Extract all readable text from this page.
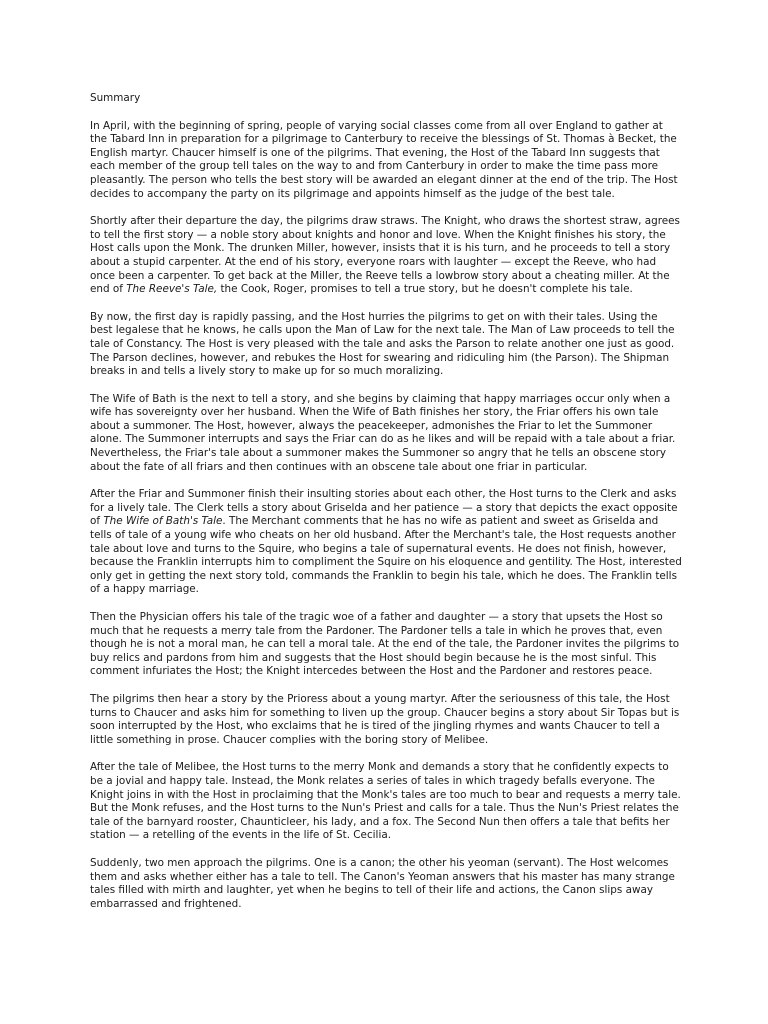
Summary

In April, with the beginning of spring, people of varying social classes come from all over England to gather at the Tabard Inn in preparation for a pilgrimage to Canterbury to receive the blessings of St. Thomas à Becket, the English martyr. Chaucer himself is one of the pilgrims. That evening, the Host of the Tabard Inn suggests that each member of the group tell tales on the way to and from Canterbury in order to make the time pass more pleasantly. The person who tells the best story will be awarded an elegant dinner at the end of the trip. The Host decides to accompany the party on its pilgrimage and appoints himself as the judge of the best tale.

Shortly after their departure the day, the pilgrims draw straws. The Knight, who draws the shortest straw, agrees to tell the first story — a noble story about knights and honor and love. When the Knight finishes his story, the Host calls upon the Monk. The drunken Miller, however, insists that it is his turn, and he proceeds to tell a story about a stupid carpenter. At the end of his story, everyone roars with laughter — except the Reeve, who had once been a carpenter. To get back at the Miller, the Reeve tells a lowbrow story about a cheating miller. At the end of The Reeve's Tale, the Cook, Roger, promises to tell a true story, but he doesn't complete his tale.

By now, the first day is rapidly passing, and the Host hurries the pilgrims to get on with their tales. Using the best legalese that he knows, he calls upon the Man of Law for the next tale. The Man of Law proceeds to tell the tale of Constancy. The Host is very pleased with the tale and asks the Parson to relate another one just as good. The Parson declines, however, and rebukes the Host for swearing and ridiculing him (the Parson). The Shipman breaks in and tells a lively story to make up for so much moralizing.

The Wife of Bath is the next to tell a story, and she begins by claiming that happy marriages occur only when a wife has sovereignty over her husband. When the Wife of Bath finishes her story, the Friar offers his own tale about a summoner. The Host, however, always the peacekeeper, admonishes the Friar to let the Summoner alone. The Summoner interrupts and says the Friar can do as he likes and will be repaid with a tale about a friar. Nevertheless, the Friar's tale about a summoner makes the Summoner so angry that he tells an obscene story about the fate of all friars and then continues with an obscene tale about one friar in particular.

After the Friar and Summoner finish their insulting stories about each other, the Host turns to the Clerk and asks for a lively tale. The Clerk tells a story about Griselda and her patience — a story that depicts the exact opposite of The Wife of Bath's Tale. The Merchant comments that he has no wife as patient and sweet as Griselda and tells of tale of a young wife who cheats on her old husband. After the Merchant's tale, the Host requests another tale about love and turns to the Squire, who begins a tale of supernatural events. He does not finish, however, because the Franklin interrupts him to compliment the Squire on his eloquence and gentility. The Host, interested only get in getting the next story told, commands the Franklin to begin his tale, which he does. The Franklin tells of a happy marriage.

Then the Physician offers his tale of the tragic woe of a father and daughter — a story that upsets the Host so much that he requests a merry tale from the Pardoner. The Pardoner tells a tale in which he proves that, even though he is not a moral man, he can tell a moral tale. At the end of the tale, the Pardoner invites the pilgrims to buy relics and pardons from him and suggests that the Host should begin because he is the most sinful. This comment infuriates the Host; the Knight intercedes between the Host and the Pardoner and restores peace.

The pilgrims then hear a story by the Prioress about a young martyr. After the seriousness of this tale, the Host turns to Chaucer and asks him for something to liven up the group. Chaucer begins a story about Sir Topas but is soon interrupted by the Host, who exclaims that he is tired of the jingling rhymes and wants Chaucer to tell a little something in prose. Chaucer complies with the boring story of Melibee.

After the tale of Melibee, the Host turns to the merry Monk and demands a story that he confidently expects to be a jovial and happy tale. Instead, the Monk relates a series of tales in which tragedy befalls everyone. The Knight joins in with the Host in proclaiming that the Monk's tales are too much to bear and requests a merry tale. But the Monk refuses, and the Host turns to the Nun's Priest and calls for a tale. Thus the Nun's Priest relates the tale of the barnyard rooster, Chaunticleer, his lady, and a fox. The Second Nun then offers a tale that befits her station — a retelling of the events in the life of St. Cecilia.

Suddenly, two men approach the pilgrims. One is a canon; the other his yeoman (servant). The Host welcomes them and asks whether either has a tale to tell. The Canon's Yeoman answers that his master has many strange tales filled with mirth and laughter, yet when he begins to tell of their life and actions, the Canon slips away embarrassed and frightened.
